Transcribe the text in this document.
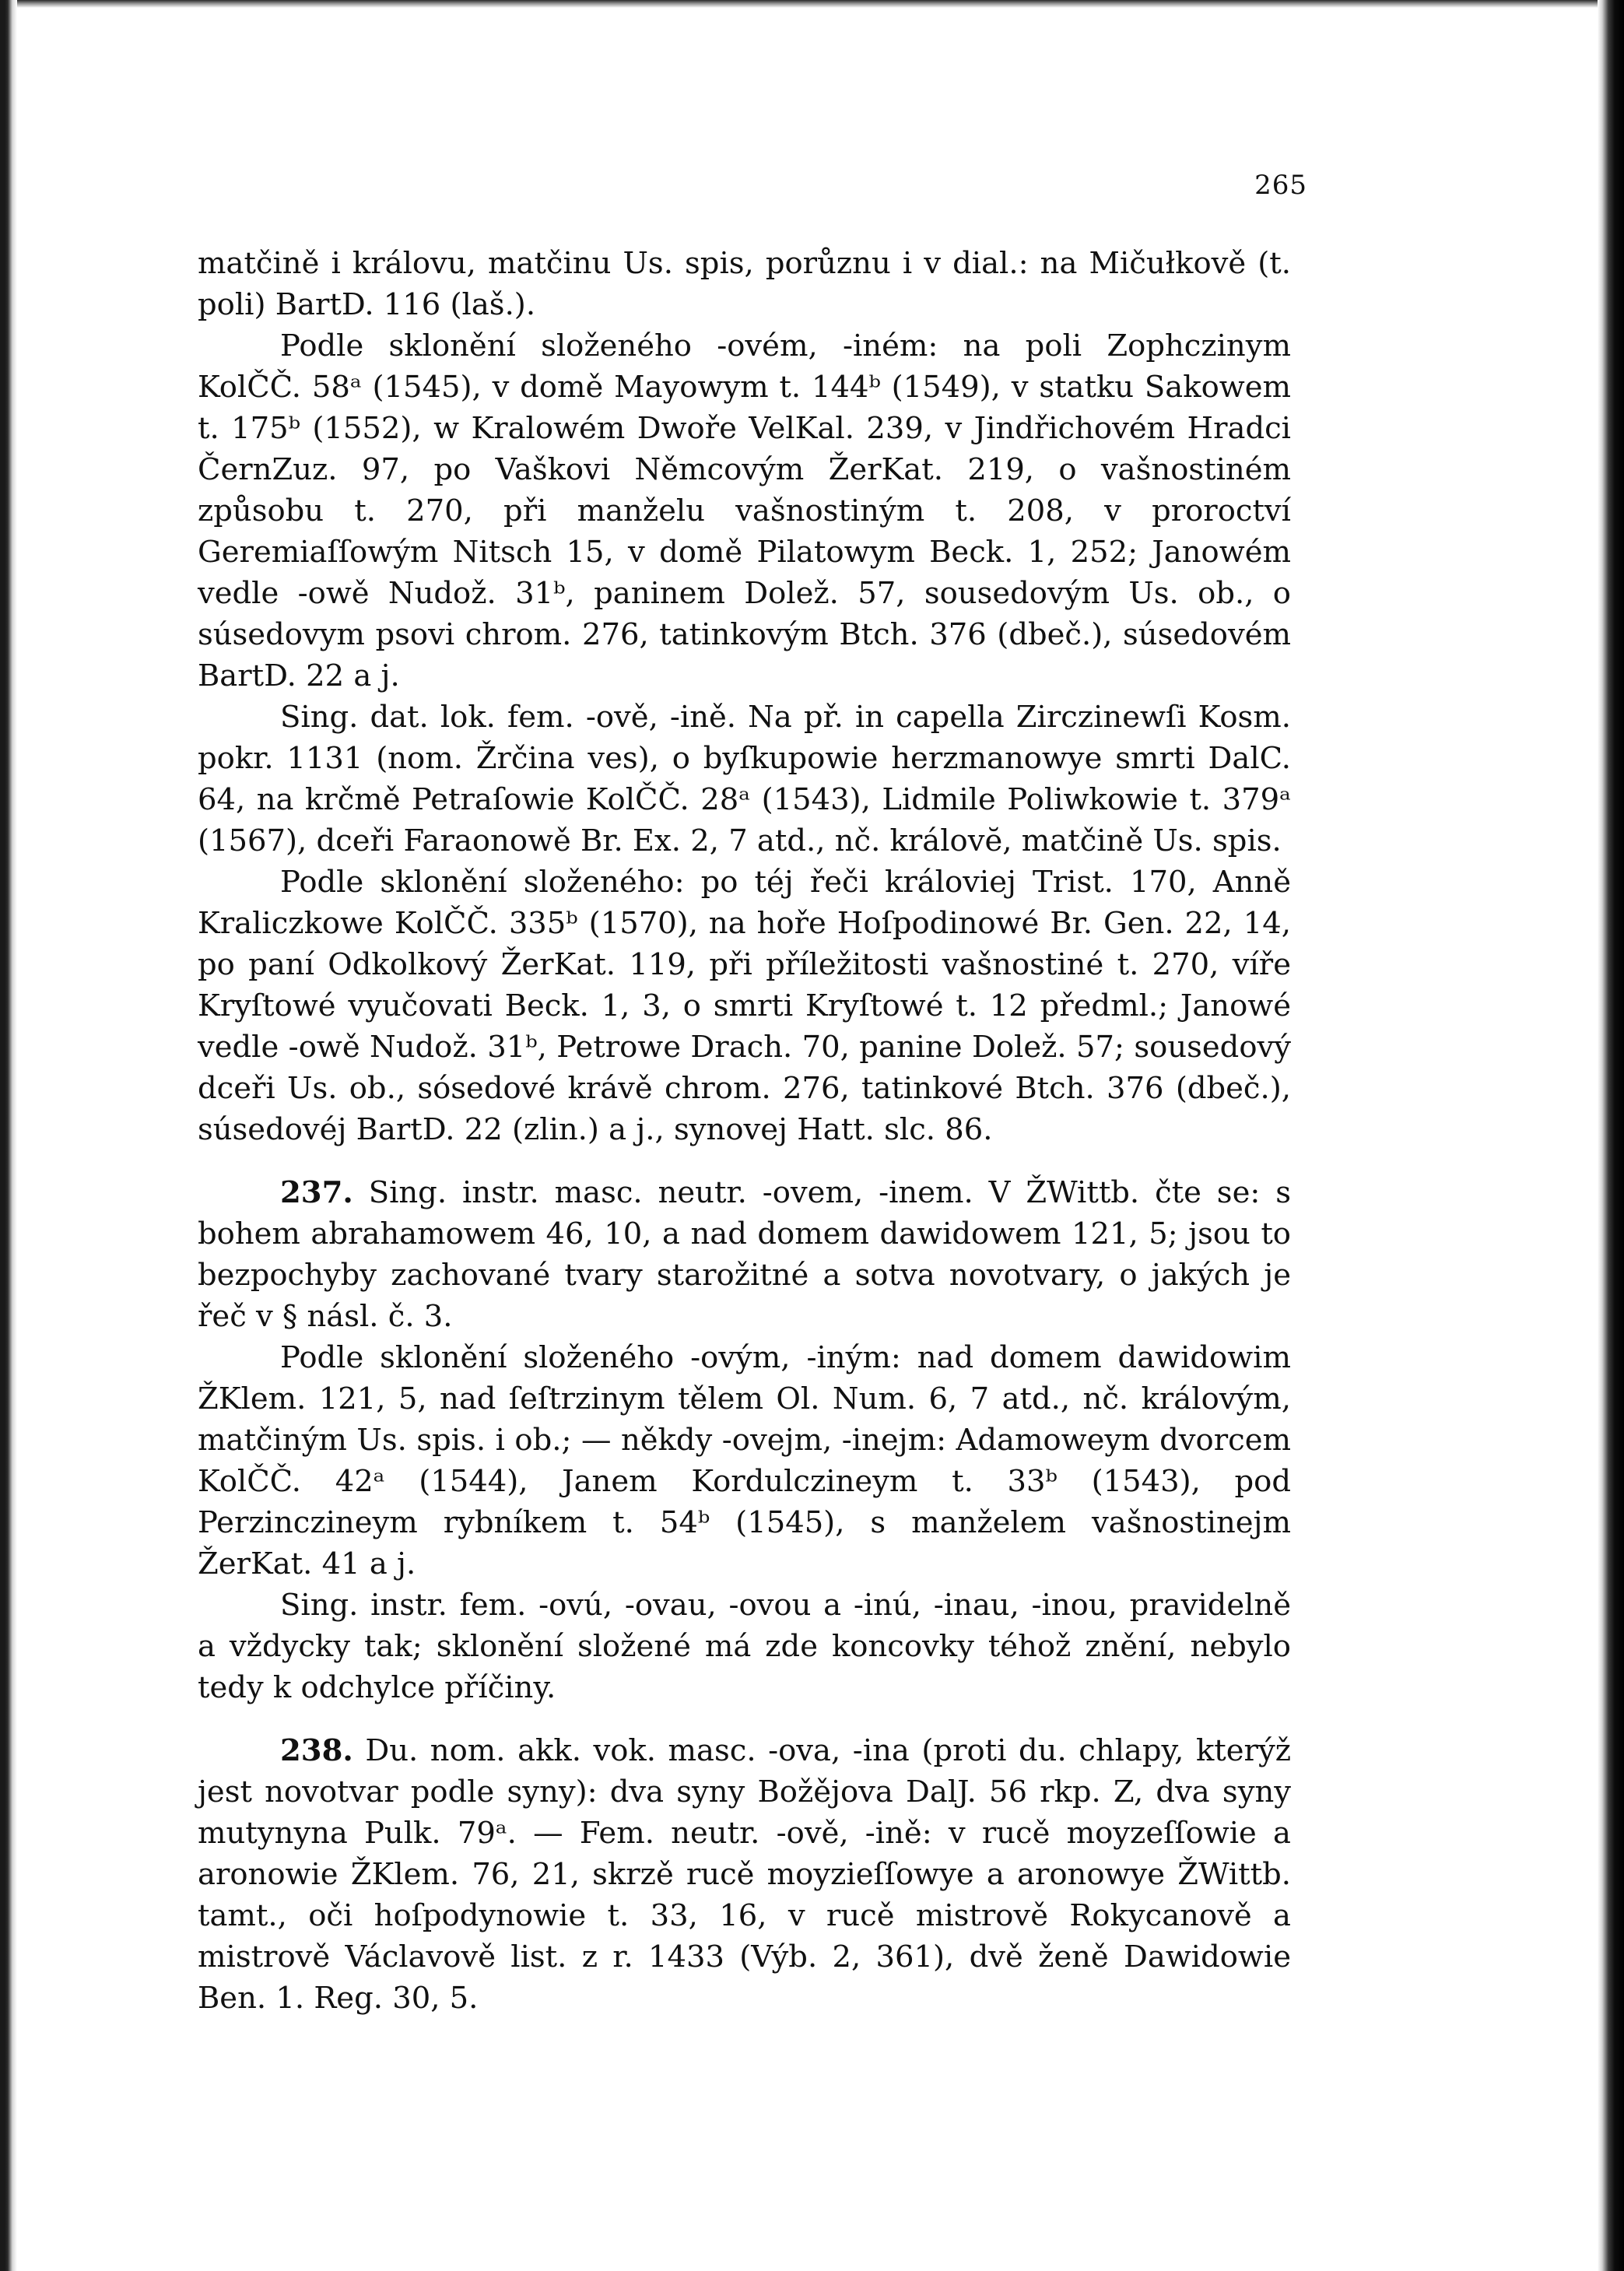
265

matčině i královu, matčinu Us. spis, porůznu i v dial.: na Mičułkově (t. poli) BartD. 116 (laš.).

Podle sklonění složeného -ovém, -iném: na poli Zophczinym KolČČ. 58ᵃ (1545), v domě Mayowym t. 144ᵇ (1549), v statku Sakowem t. 175ᵇ (1552), w Kralowém Dwoře VelKal. 239, v Jindřichovém Hradci ČernZuz. 97, po Vaškovi Němcovým ŽerKat. 219, o vašnostiném způsobu t. 270, při manželu vašnostiným t. 208, v proroctví Geremiaſſowým Nitsch 15, v domě Pilatowym Beck. 1, 252; Janowém vedle -owě Nudož. 31ᵇ, paninem Dolež. 57, sousedovým Us. ob., o súsedovym psovi chrom. 276, tatinkovým Btch. 376 (dbeč.), súsedovém BartD. 22 a j.

Sing. dat. lok. fem. -ově, -ině. Na př. in capella Zirczinewſi Kosm. pokr. 1131 (nom. Žrčina ves), o byſkupowie herzmanowye smrti DalC. 64, na krčmě Petraſowie KolČČ. 28ᵃ (1543), Lidmile Poliwkowie t. 379ᵃ (1567), dceři Faraonowě Br. Ex. 2, 7 atd., nč. královĕ, matčině Us. spis.

Podle sklonění složeného: po téj řeči královiej Trist. 170, Anně Kraliczkowe KolČČ. 335ᵇ (1570), na hoře Hoſpodinowé Br. Gen. 22, 14, po paní Odkolkový ŽerKat. 119, při příležitosti vašnostiné t. 270, víře Kryſtowé vyučovati Beck. 1, 3, o smrti Kryſtowé t. 12 předml.; Janowé vedle -owě Nudož. 31ᵇ, Petrowe Drach. 70, panine Dolež. 57; sousedový dceři Us. ob., sósedové krávě chrom. 276, tatinkové Btch. 376 (dbeč.), súsedovéj BartD. 22 (zlin.) a j., synovej Hatt. slc. 86.

237. Sing. instr. masc. neutr. -ovem, -inem. V ŽWittb. čte se: s bohem abrahamowem 46, 10, a nad domem dawidowem 121, 5; jsou to bezpochyby zachované tvary starožitné a sotva novotvary, o jakých je řeč v § násl. č. 3.

Podle sklonění složeného -ovým, -iným: nad domem dawidowim ŽKlem. 121, 5, nad ſeſtrzinym tělem Ol. Num. 6, 7 atd., nč. královým, matčiným Us. spis. i ob.; — někdy -ovejm, -inejm: Adamoweym dvorcem KolČČ. 42ᵃ (1544), Janem Kordulczineym t. 33ᵇ (1543), pod Perzinczineym rybníkem t. 54ᵇ (1545), s manželem vašnostinejm ŽerKat. 41 a j.

Sing. instr. fem. -ovú, -ovau, -ovou a -inú, -inau, -inou, pravidelně a vždycky tak; sklonění složené má zde koncovky téhož znění, nebylo tedy k odchylce příčiny.

238. Du. nom. akk. vok. masc. -ova, -ina (proti du. chlapy, kterýž jest novotvar podle syny): dva syny Božějova DalJ. 56 rkp. Z, dva syny mutynyna Pulk. 79ᵃ. — Fem. neutr. -ově, -ině: v rucě moyzeſſowie a aronowie ŽKlem. 76, 21, skrzě rucě moyzieſſowye a aronowye ŽWittb. tamt., oči hoſpodynowie t. 33, 16, v rucě mistrově Rokycanově a mistrově Václavově list. z r. 1433 (Výb. 2, 361), dvě ženě Dawidowie Ben. 1. Reg. 30, 5.
